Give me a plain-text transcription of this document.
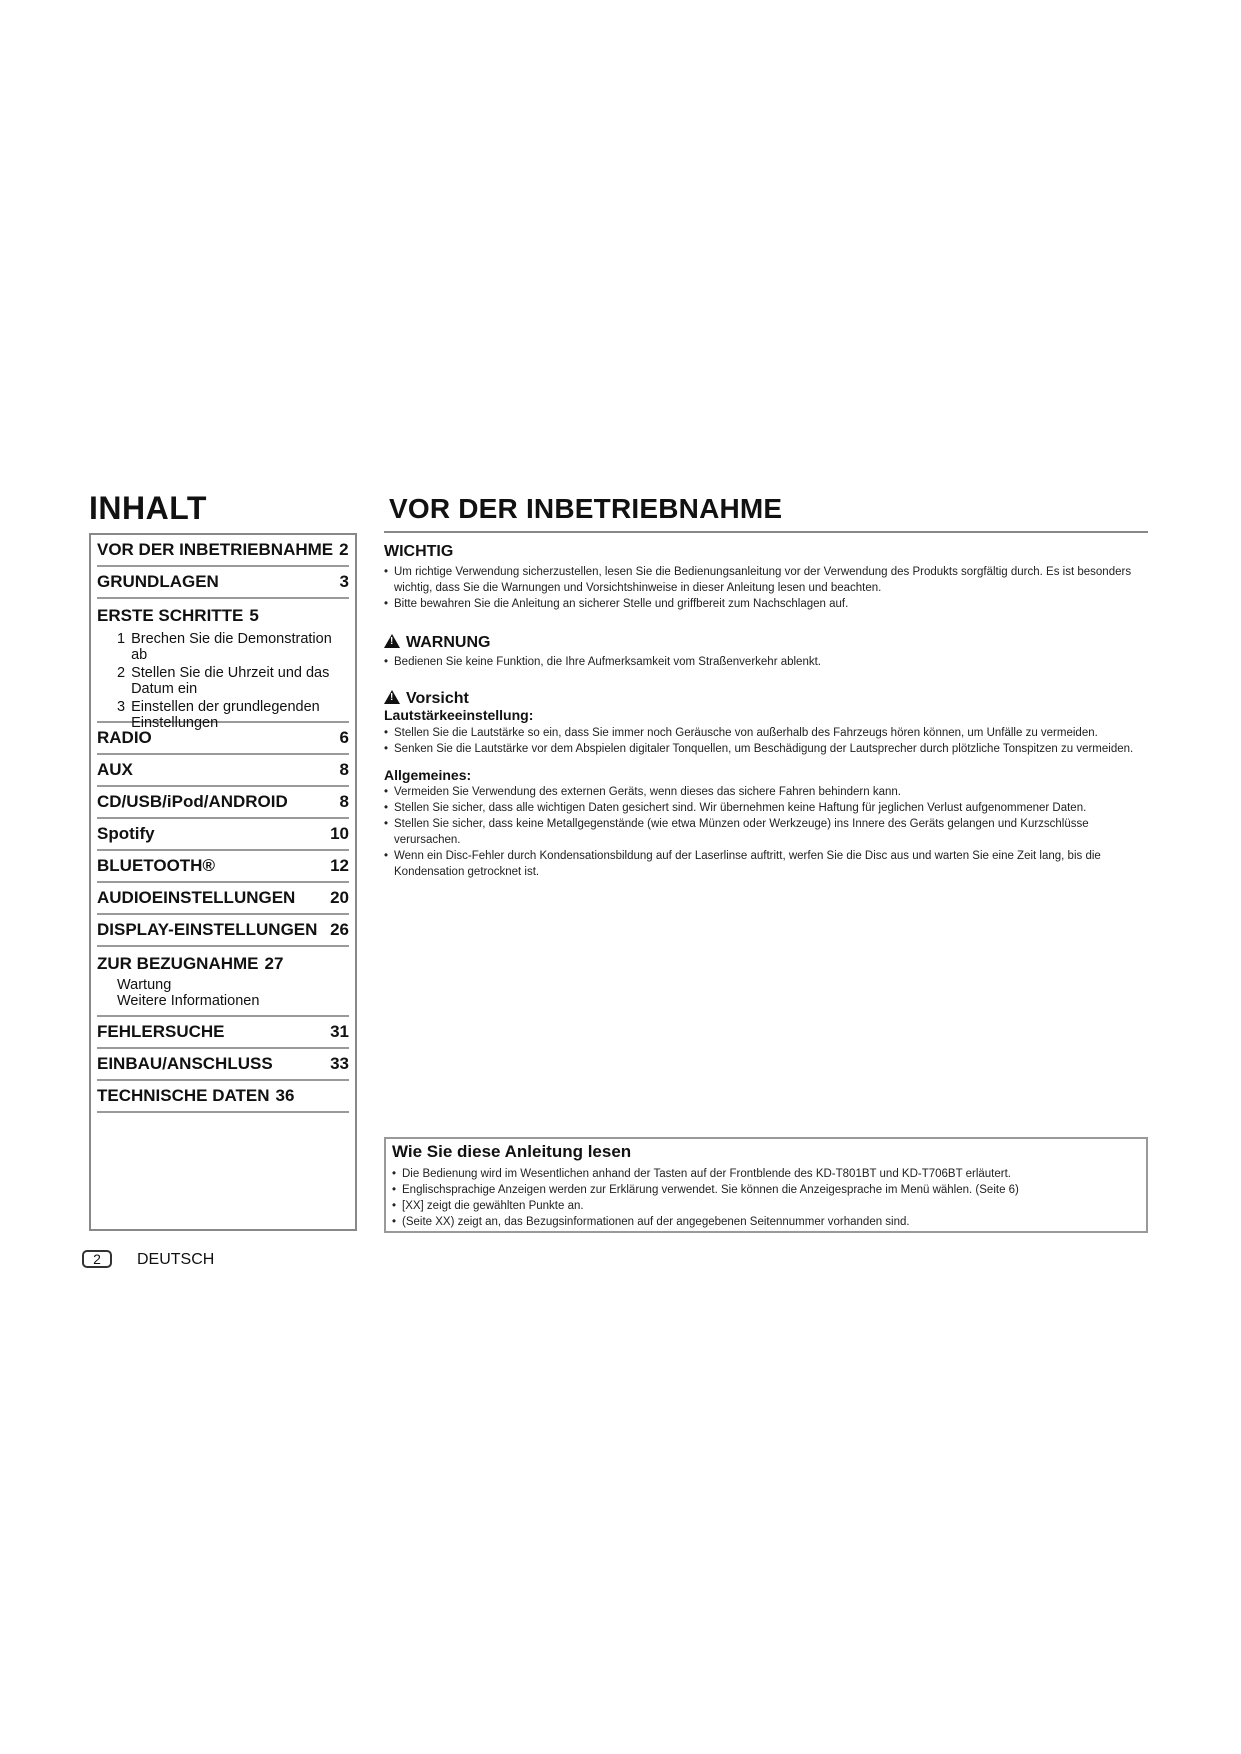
INHALT
VOR DER INBETRIEBNAHME 2
GRUNDLAGEN	3
ERSTE SCHRITTE 5
1 Brechen Sie die Demonstration ab
2 Stellen Sie die Uhrzeit und das Datum ein
3 Einstellen der grundlegenden Einstellungen
RADIO	6
AUX	8
CD/USB/iPod/ANDROID	8
Spotify	10
BLUETOOTH®	12
AUDIOEINSTELLUNGEN 20
DISPLAY-EINSTELLUNGEN 26
ZUR BEZUGNAHME 27
Wartung
Weitere Informationen
FEHLERSUCHE	31
EINBAU/ANSCHLUSS	33
TECHNISCHE DATEN 36
VOR DER INBETRIEBNAHME
WICHTIG
• Um richtige Verwendung sicherzustellen, lesen Sie die Bedienungsanleitung vor der Verwendung des Produkts sorgfältig durch. Es ist besonders wichtig, dass Sie die Warnungen und Vorsichtshinweise in dieser Anleitung lesen und beachten.
• Bitte bewahren Sie die Anleitung an sicherer Stelle und griffbereit zum Nachschlagen auf.
!WARNUNG
• Bedienen Sie keine Funktion, die Ihre Aufmerksamkeit vom Straßenverkehr ablenkt.
!Vorsicht
Lautstärkeeinstellung:
• Stellen Sie die Lautstärke so ein, dass Sie immer noch Geräusche von außerhalb des Fahrzeugs hören können, um Unfälle zu vermeiden.
• Senken Sie die Lautstärke vor dem Abspielen digitaler Tonquellen, um Beschädigung der Lautsprecher durch plötzliche Tonspitzen zu vermeiden.
Allgemeines:
• Vermeiden Sie Verwendung des externen Geräts, wenn dieses das sichere Fahren behindern kann.
• Stellen Sie sicher, dass alle wichtigen Daten gesichert sind. Wir übernehmen keine Haftung für jeglichen Verlust aufgenommener Daten.
• Stellen Sie sicher, dass keine Metallgegenstände (wie etwa Münzen oder Werkzeuge) ins Innere des Geräts gelangen und Kurzschlüsse verursachen.
• Wenn ein Disc-Fehler durch Kondensationsbildung auf der Laserlinse auftritt, werfen Sie die Disc aus und warten Sie eine Zeit lang, bis die Kondensation getrocknet ist.
Wie Sie diese Anleitung lesen
• Die Bedienung wird im Wesentlichen anhand der Tasten auf der Frontblende des KD-T801BT und KD-T706BT erläutert.
• Englischsprachige Anzeigen werden zur Erklärung verwendet. Sie können die Anzeigesprache im Menü wählen. (Seite 6)
• [XX] zeigt die gewählten Punkte an.
• (Seite XX) zeigt an, das Bezugsinformationen auf der angegebenen Seitennummer vorhanden sind.
2	DEUTSCH
